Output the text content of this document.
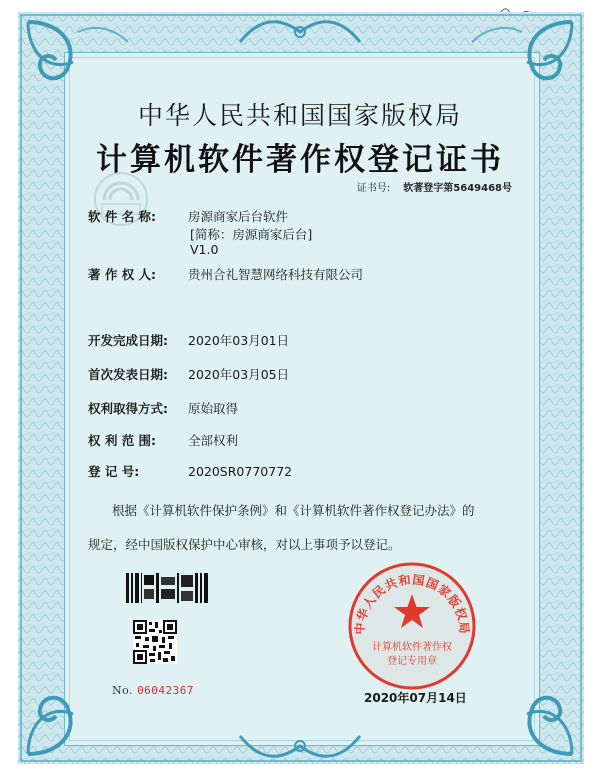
中华人民共和国国家版权局
计算机软件著作权登记证书
证书号: 软著登字第5649468号
软 件 名 称:	房源商家后台软件
[简称：房源商家后台]
V1.0
著 作 权 人:	贵州合礼智慧网络科技有限公司
开发完成日期: 2020年03月01日
首次发表日期: 2020年03月05日
权利取得方式: 原始取得
权 利 范 围:	全部权利
登 记 号:	2020SR0770772
根据《计算机软件保护条例》和《计算机软件著作权登记办法》的
规定，经中国版权保护中心审核，对以上事项予以登记。
No. 06042367
中华人民共和国国家版权局
计算机软件著作权
登记专用章
2020年07月14日
